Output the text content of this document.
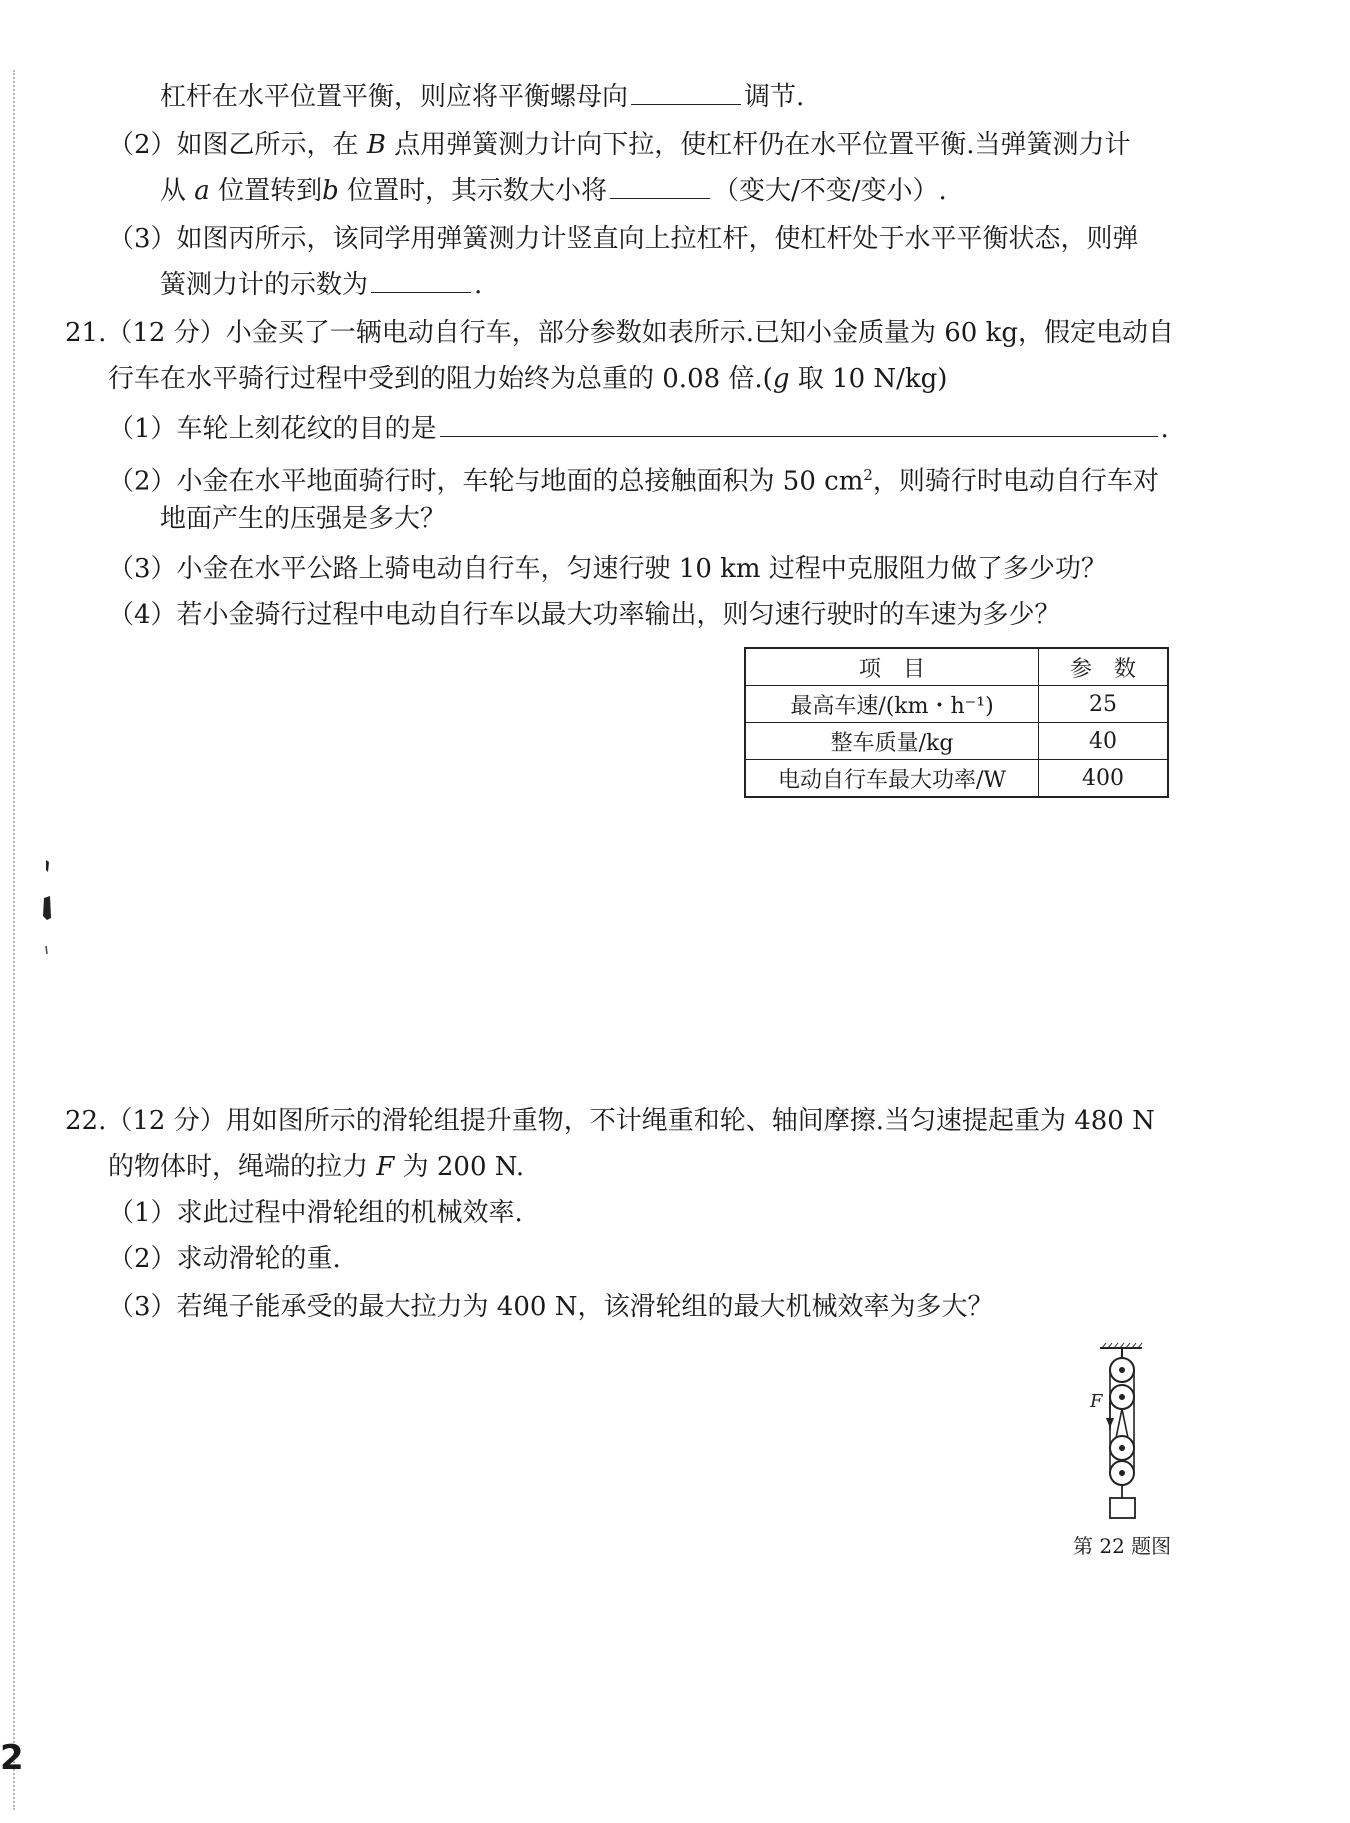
杠杆在水平位置平衡，则应将平衡螺母向	调节.
（2）如图乙所示，在 B 点用弹簧测力计向下拉，使杠杆仍在水平位置平衡.当弹簧测力计
从 a 位置转到b 位置时，其示数大小将	（变大/不变/变小）.
（3）如图丙所示，该同学用弹簧测力计竖直向上拉杠杆，使杠杆处于水平平衡状态，则弹
簧测力计的示数为	.
21.（12 分）小金买了一辆电动自行车，部分参数如表所示.已知小金质量为 60 kg，假定电动自
行车在水平骑行过程中受到的阻力始终为总重的 0.08 倍.(g 取 10 N/kg)
（1）车轮上刻花纹的目的是	.
（2）小金在水平地面骑行时，车轮与地面的总接触面积为 50 $cm^2$，则骑行时电动自行车对
地面产生的压强是多大？
（3）小金在水平公路上骑电动自行车，匀速行驶 10 km 过程中克服阻力做了多少功？
（4）若小金骑行过程中电动自行车以最大功率输出，则匀速行驶时的车速为多少？
项　目	参　数
最高车速/(km・h⁻¹)	25
整车质量/kg	40
电动自行车最大功率/W	400
22.（12 分）用如图所示的滑轮组提升重物，不计绳重和轮、轴间摩擦.当匀速提起重为 480 N
的物体时，绳端的拉力 F 为 200 N.
（1）求此过程中滑轮组的机械效率.
（2）求动滑轮的重.
（3）若绳子能承受的最大拉力为 400 N，该滑轮组的最大机械效率为多大？
F
第 22 题图
2
